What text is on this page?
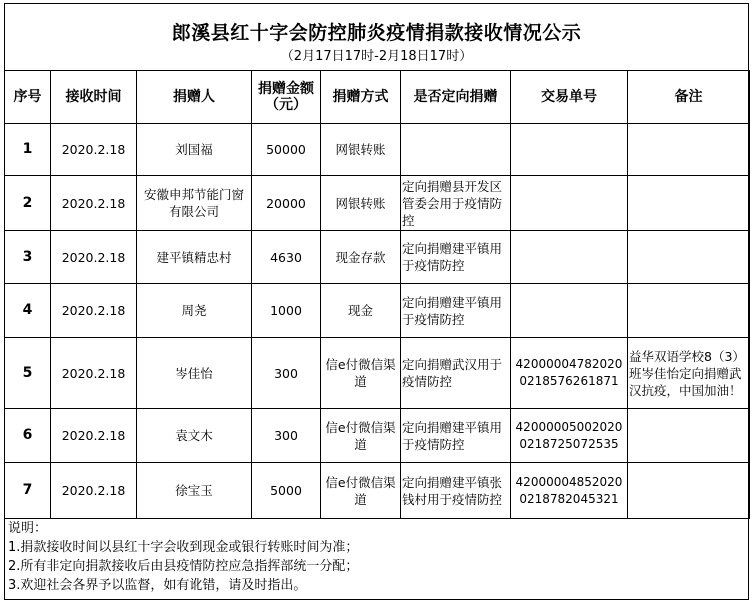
郎溪县红十字会防控肺炎疫情捐款接收情况公示
（2月17日17时-2月18日17时）
序号	接收时间	捐赠人	捐赠金额（元）	捐赠方式	是否定向捐赠	交易单号	备注
1	2020.2.18	刘国福	50000	网银转账			
2	2020.2.18	安徽申邦节能门窗有限公司	20000	网银转账	定向捐赠县开发区管委会用于疫情防控		
3	2020.2.18	建平镇精忠村	4630	现金存款	定向捐赠建平镇用于疫情防控		
4	2020.2.18	周尧	1000	现金	定向捐赠建平镇用于疫情防控		
5	2020.2.18	岑佳怡	300	信e付微信渠道	定向捐赠武汉用于疫情防控	420000047820200218576261871	益华双语学校8（3）班岑佳怡定向捐赠武汉抗疫，中国加油！
6	2020.2.18	袁文木	300	信e付微信渠道	定向捐赠建平镇用于疫情防控	420000050020200218725072535	
7	2020.2.18	徐宝玉	5000	信e付微信渠道	定向捐赠建平镇张钱村用于疫情防控	420000048520200218782045321	
说明：
1.捐款接收时间以县红十字会收到现金或银行转账时间为准；
2.所有非定向捐款接收后由县疫情防控应急指挥部统一分配；
3.欢迎社会各界予以监督，如有讹错，请及时指出。
